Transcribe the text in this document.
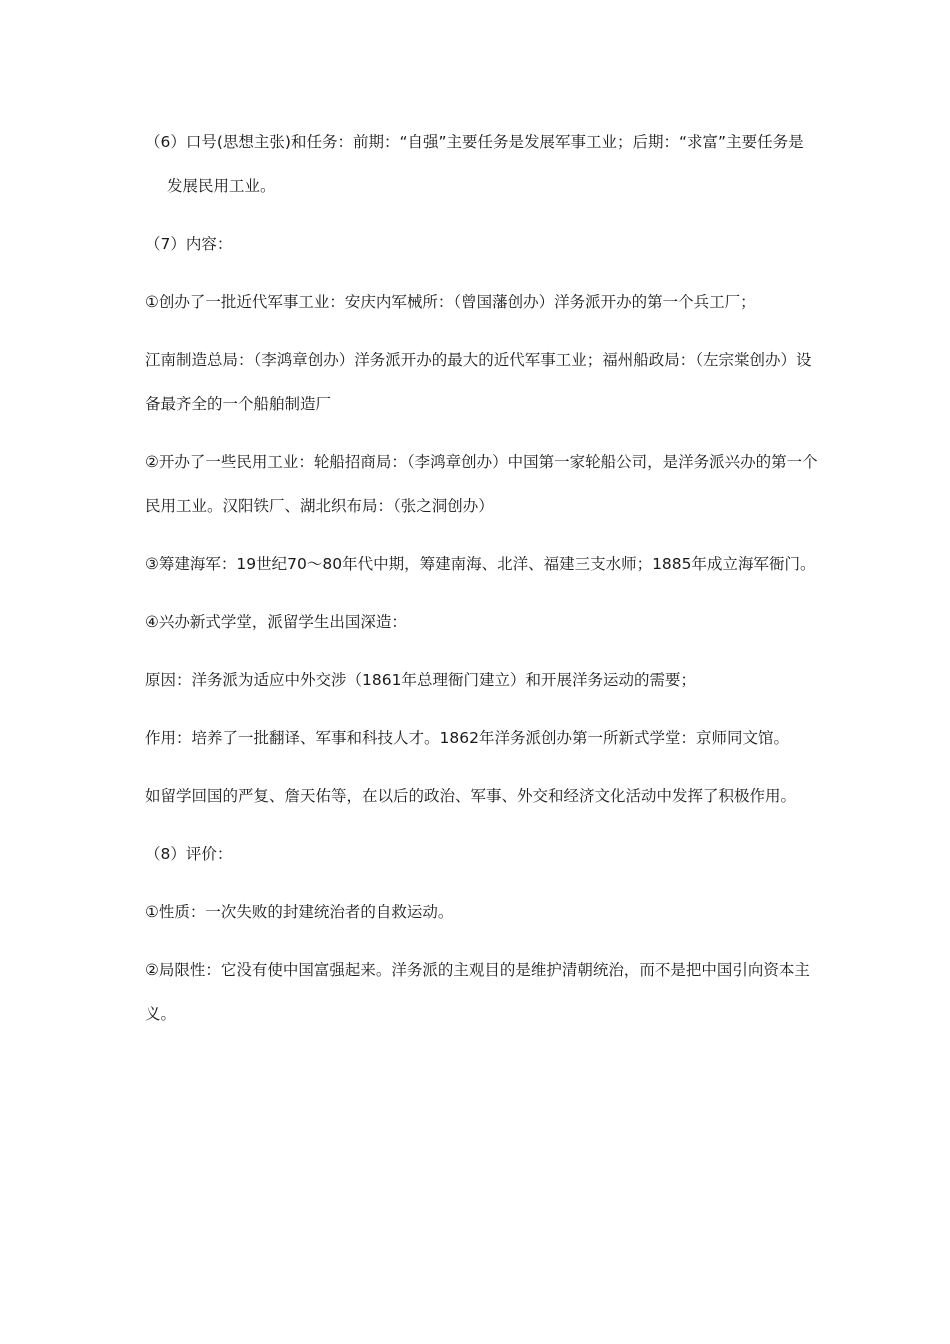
（6）口号(思想主张)和任务：前期：“自强”主要任务是发展军事工业；后期：“求富”主要任务是发展民用工业。

（7）内容：

①创办了一批近代军事工业：安庆内军械所：（曾国藩创办）洋务派开办的第一个兵工厂；

江南制造总局：（李鸿章创办）洋务派开办的最大的近代军事工业；福州船政局：（左宗棠创办）设备最齐全的一个船舶制造厂

②开办了一些民用工业：轮船招商局：（李鸿章创办）中国第一家轮船公司，是洋务派兴办的第一个民用工业。汉阳铁厂、湖北织布局：（张之洞创办）

③筹建海军：19世纪70～80年代中期，筹建南海、北洋、福建三支水师；1885年成立海军衙门。

④兴办新式学堂，派留学生出国深造：

原因：洋务派为适应中外交涉（1861年总理衙门建立）和开展洋务运动的需要；

作用：培养了一批翻译、军事和科技人才。1862年洋务派创办第一所新式学堂：京师同文馆。

如留学回国的严复、詹天佑等，在以后的政治、军事、外交和经济文化活动中发挥了积极作用。

（8）评价：

①性质：一次失败的封建统治者的自救运动。

②局限性：它没有使中国富强起来。洋务派的主观目的是维护清朝统治，而不是把中国引向资本主义。
